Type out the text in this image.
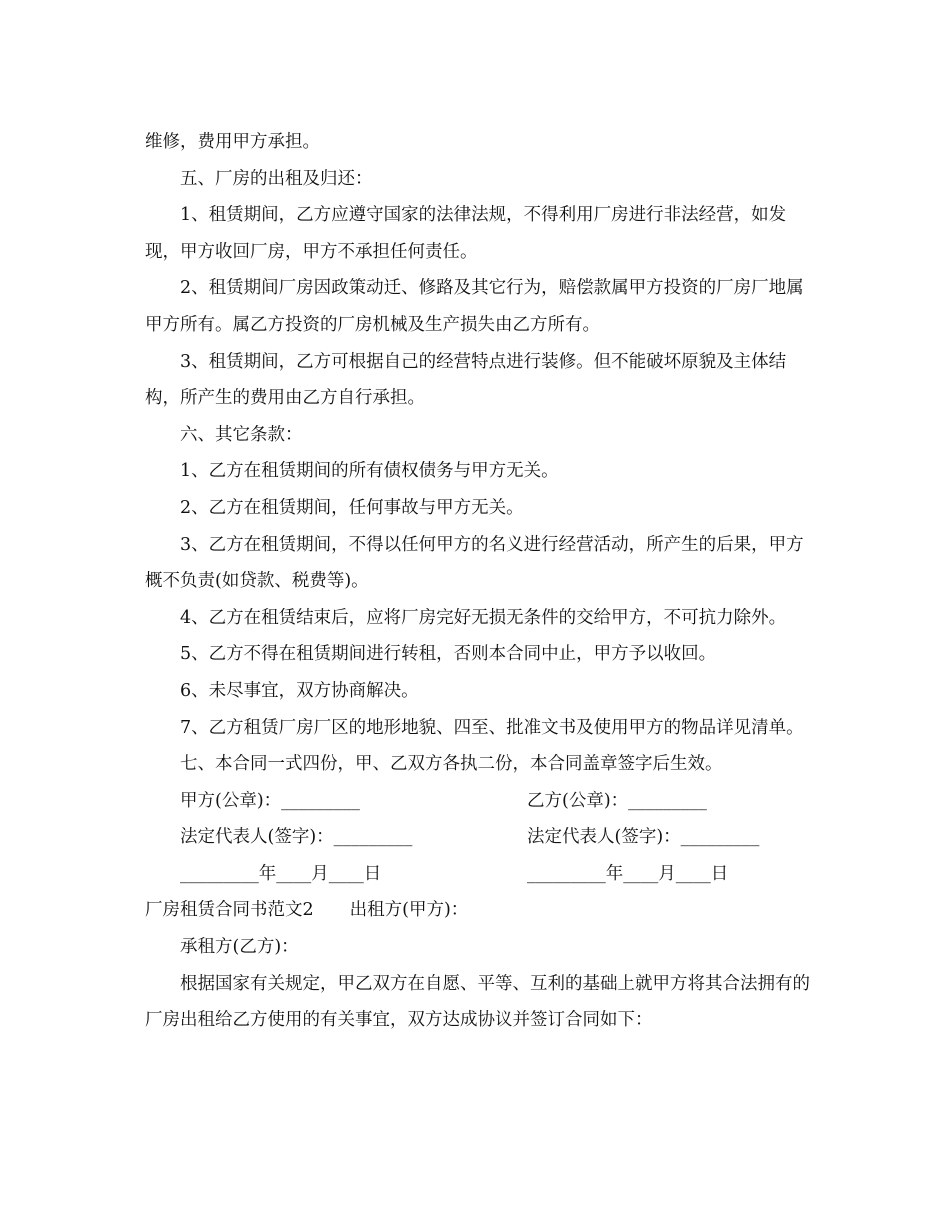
维修，费用甲方承担。

五、厂房的出租及归还：

1、租赁期间，乙方应遵守国家的法律法规，不得利用厂房进行非法经营，如发现，甲方收回厂房，甲方不承担任何责任。

2、租赁期间厂房因政策动迁、修路及其它行为，赔偿款属甲方投资的厂房厂地属甲方所有。属乙方投资的厂房机械及生产损失由乙方所有。

3、租赁期间，乙方可根据自己的经营特点进行装修。但不能破坏原貌及主体结构，所产生的费用由乙方自行承担。

六、其它条款：

1、乙方在租赁期间的所有债权债务与甲方无关。

2、乙方在租赁期间，任何事故与甲方无关。

3、乙方在租赁期间，不得以任何甲方的名义进行经营活动，所产生的后果，甲方概不负责(如贷款、税费等)。

4、乙方在租赁结束后，应将厂房完好无损无条件的交给甲方，不可抗力除外。

5、乙方不得在租赁期间进行转租，否则本合同中止，甲方予以收回。

6、未尽事宜，双方协商解决。

7、乙方租赁厂房厂区的地形地貌、四至、批准文书及使用甲方的物品详见清单。

七、本合同一式四份，甲、乙双方各执二份，本合同盖章签字后生效。

甲方(公章)：_________	乙方(公章)：_________
法定代表人(签字)：_________	法定代表人(签字)：_________
_________年____月____日	_________年____月____日

厂房租赁合同书范文2 出租方(甲方)：

承租方(乙方)：

根据国家有关规定，甲乙双方在自愿、平等、互利的基础上就甲方将其合法拥有的厂房出租给乙方使用的有关事宜，双方达成协议并签订合同如下：
